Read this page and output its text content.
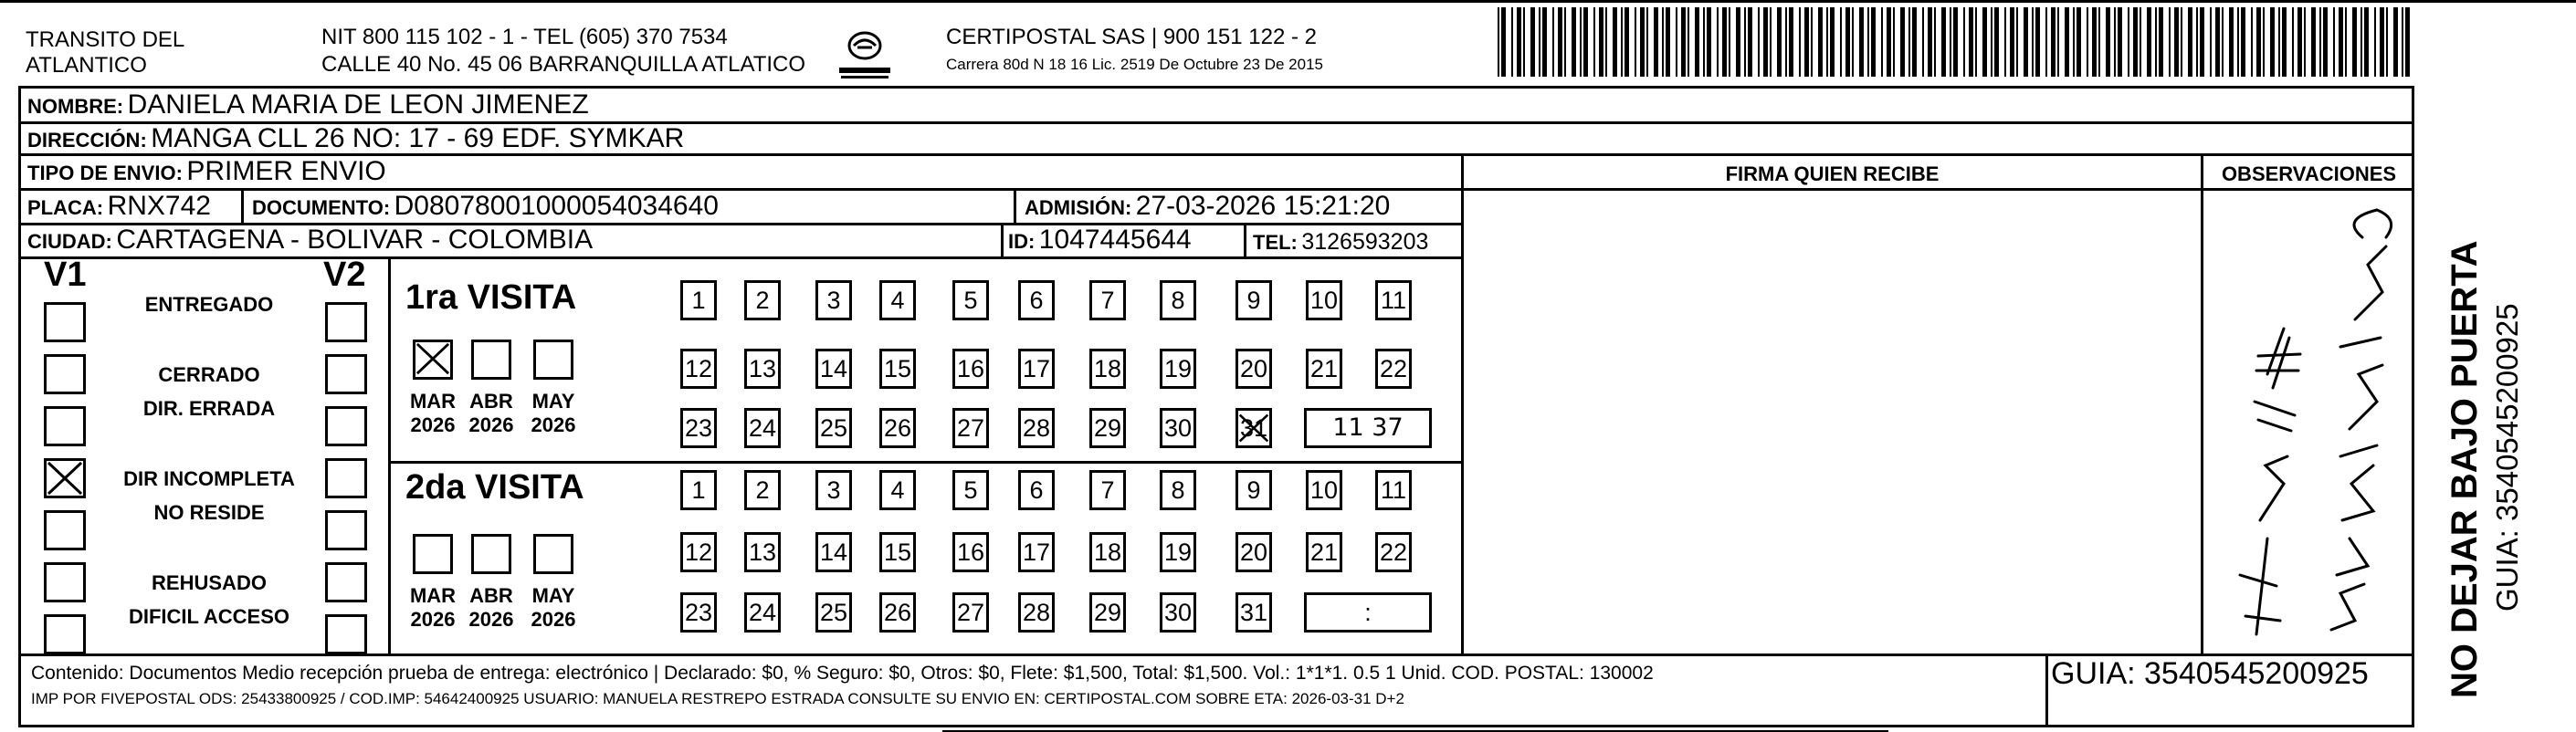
TRANSITO DEL
ATLANTICO
NIT 800 115 102 - 1 - TEL (605) 370 7534
CALLE 40 No. 45 06 BARRANQUILLA ATLATICO
CERTIPOSTAL SAS | 900 151 122 - 2
Carrera 80d N 18 16 Lic. 2519 De Octubre 23 De 2015
NOMBRE: DANIELA MARIA DE LEON JIMENEZ
DIRECCIÓN: MANGA CLL 26 NO: 17 - 69 EDF. SYMKAR
TIPO DE ENVIO: PRIMER ENVIO	FIRMA QUIEN RECIBE	OBSERVACIONES
PLACA: RNX742 DOCUMENTO: D080780010000540346​40	ADMISIÓN: 27-03-2026 15:21:20
CIUDAD: CARTAGENA - BOLIVAR - COLOMBIA	ID: 1047445644	TEL: 3126593203
V1	V2
ENTREGADO
CERRADO
DIR. ERRADA
DIR INCOMPLETA
NO RESIDE
REHUSADO
DIFICIL ACCESO
1ra VISITA
2da VISITA
MAR
2026
ABR
2026
MAY
2026
MAR
2026
ABR
2026
MAY
2026
1	2	3	4	5	6	7	8	9	10 11
12 13 14 15 16 17 18 19 20 21 22
23 24 25 26 27 28 29 30 31	11 37
1	2	3	4	5	6	7	8	9	10 11
12 13 14 15 16 17 18 19 20 21 22
23 24 25 26 27 28 29 30 31	:
Contenido: Documentos Medio recepción prueba de entrega: electrónico | Declarado: $0, % Seguro: $0, Otros: $0, Flete: $1,500, Total: $1,500. Vol.: 1*1*1. 0.5 1 Unid. COD. POSTAL: 130002
IMP POR FIVEPOSTAL ODS: 25433800925 / COD.IMP: 54642400925 USUARIO: MANUELA RESTREPO ESTRADA CONSULTE SU ENVIO EN: CERTIPOSTAL.COM SOBRE ETA: 2026-03-31 D+2
GUIA: 3540545200925 NO DEJAR BAJO PUERTA GUIA: 3540545200925
